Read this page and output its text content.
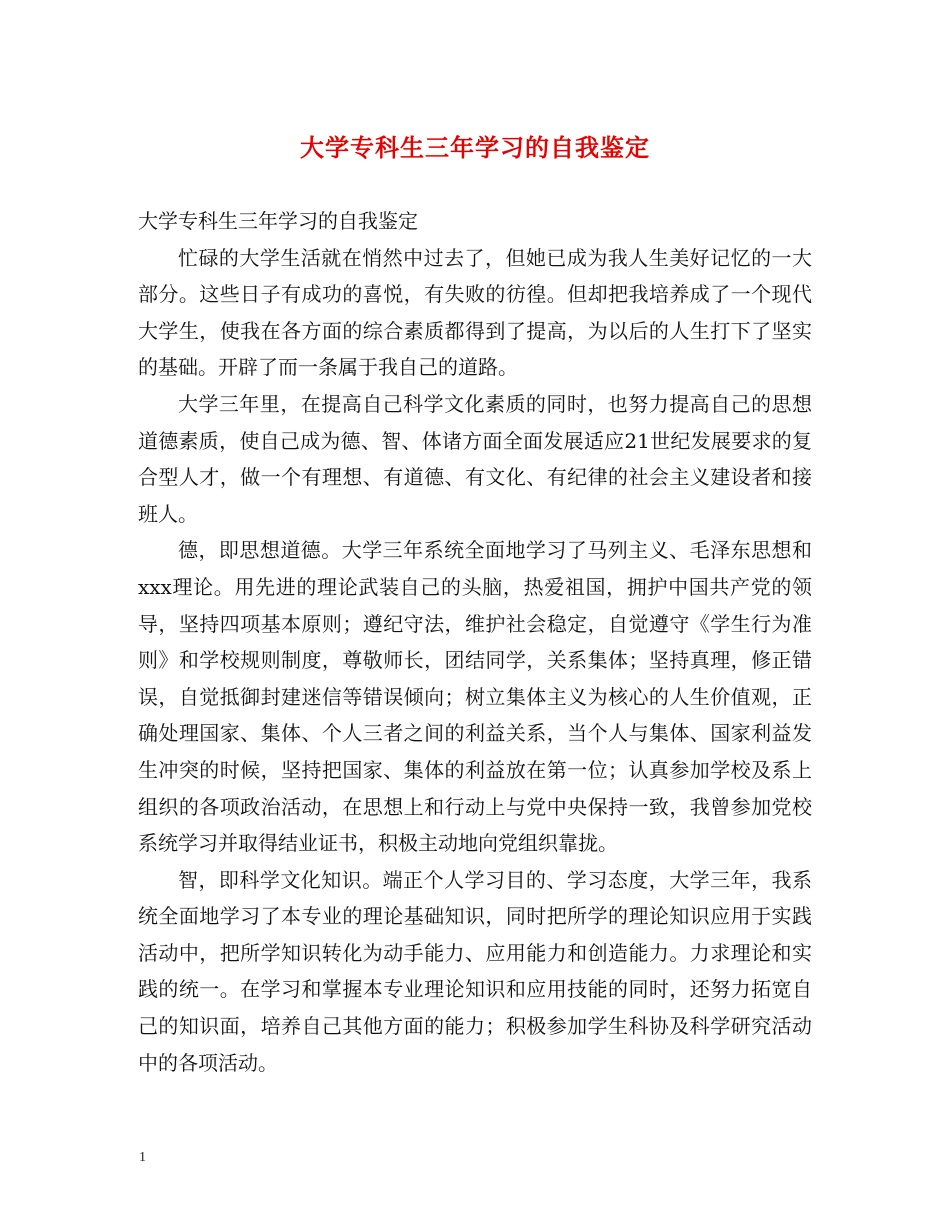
大学专科生三年学习的自我鉴定

大学专科生三年学习的自我鉴定

忙碌的大学生活就在悄然中过去了，但她已成为我人生美好记忆的一大部分。这些日子有成功的喜悦，有失败的彷徨。但却把我培养成了一个现代大学生，使我在各方面的综合素质都得到了提高，为以后的人生打下了坚实的基础。开辟了而一条属于我自己的道路。

大学三年里，在提高自己科学文化素质的同时，也努力提高自己的思想道德素质，使自己成为德、智、体诸方面全面发展适应21世纪发展要求的复合型人才，做一个有理想、有道德、有文化、有纪律的社会主义建设者和接班人。

德，即思想道德。大学三年系统全面地学习了马列主义、毛泽东思想和xxx理论。用先进的理论武装自己的头脑，热爱祖国，拥护中国共产党的领导，坚持四项基本原则；遵纪守法，维护社会稳定，自觉遵守《学生行为准则》和学校规则制度，尊敬师长，团结同学，关系集体；坚持真理，修正错误，自觉抵御封建迷信等错误倾向；树立集体主义为核心的人生价值观，正确处理国家、集体、个人三者之间的利益关系，当个人与集体、国家利益发生冲突的时候，坚持把国家、集体的利益放在第一位；认真参加学校及系上组织的各项政治活动，在思想上和行动上与党中央保持一致，我曾参加党校系统学习并取得结业证书，积极主动地向党组织靠拢。

智，即科学文化知识。端正个人学习目的、学习态度，大学三年，我系统全面地学习了本专业的理论基础知识，同时把所学的理论知识应用于实践活动中，把所学知识转化为动手能力、应用能力和创造能力。力求理论和实践的统一。在学习和掌握本专业理论知识和应用技能的同时，还努力拓宽自己的知识面，培养自己其他方面的能力；积极参加学生科协及科学研究活动中的各项活动。

1
